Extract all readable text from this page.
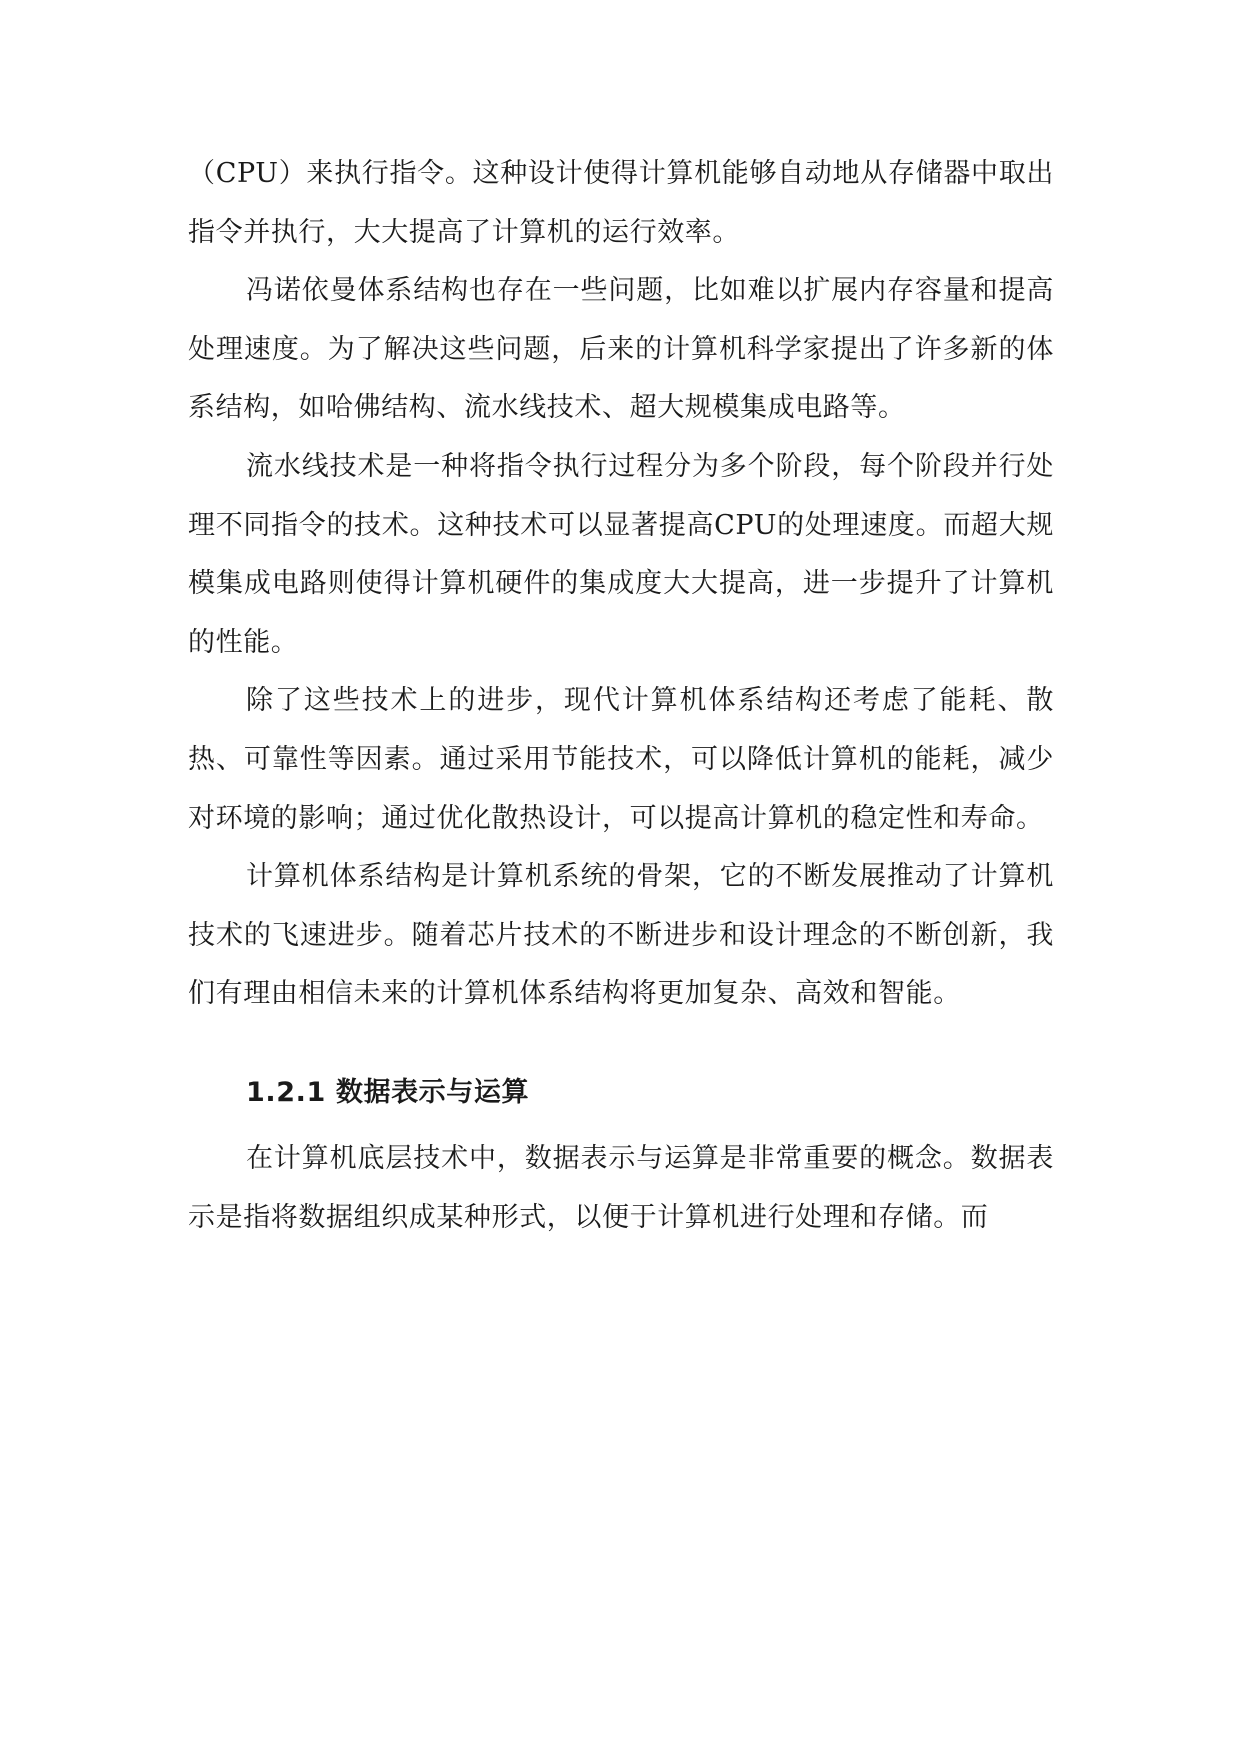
（CPU）来执行指令。这种设计使得计算机能够自动地从存储器中取出指令并执行，大大提高了计算机的运行效率。

冯诺依曼体系结构也存在一些问题，比如难以扩展内存容量和提高处理速度。为了解决这些问题，后来的计算机科学家提出了许多新的体系结构，如哈佛结构、流水线技术、超大规模集成电路等。

流水线技术是一种将指令执行过程分为多个阶段，每个阶段并行处理不同指令的技术。这种技术可以显著提高CPU的处理速度。而超大规模集成电路则使得计算机硬件的集成度大大提高，进一步提升了计算机的性能。

除了这些技术上的进步，现代计算机体系结构还考虑了能耗、散热、可靠性等因素。通过采用节能技术，可以降低计算机的能耗，减少对环境的影响；通过优化散热设计，可以提高计算机的稳定性和寿命。

计算机体系结构是计算机系统的骨架，它的不断发展推动了计算机技术的飞速进步。随着芯片技术的不断进步和设计理念的不断创新，我们有理由相信未来的计算机体系结构将更加复杂、高效和智能。

1.2.1 数据表示与运算

在计算机底层技术中，数据表示与运算是非常重要的概念。数据表示是指将数据组织成某种形式，以便于计算机进行处理和存储。而
